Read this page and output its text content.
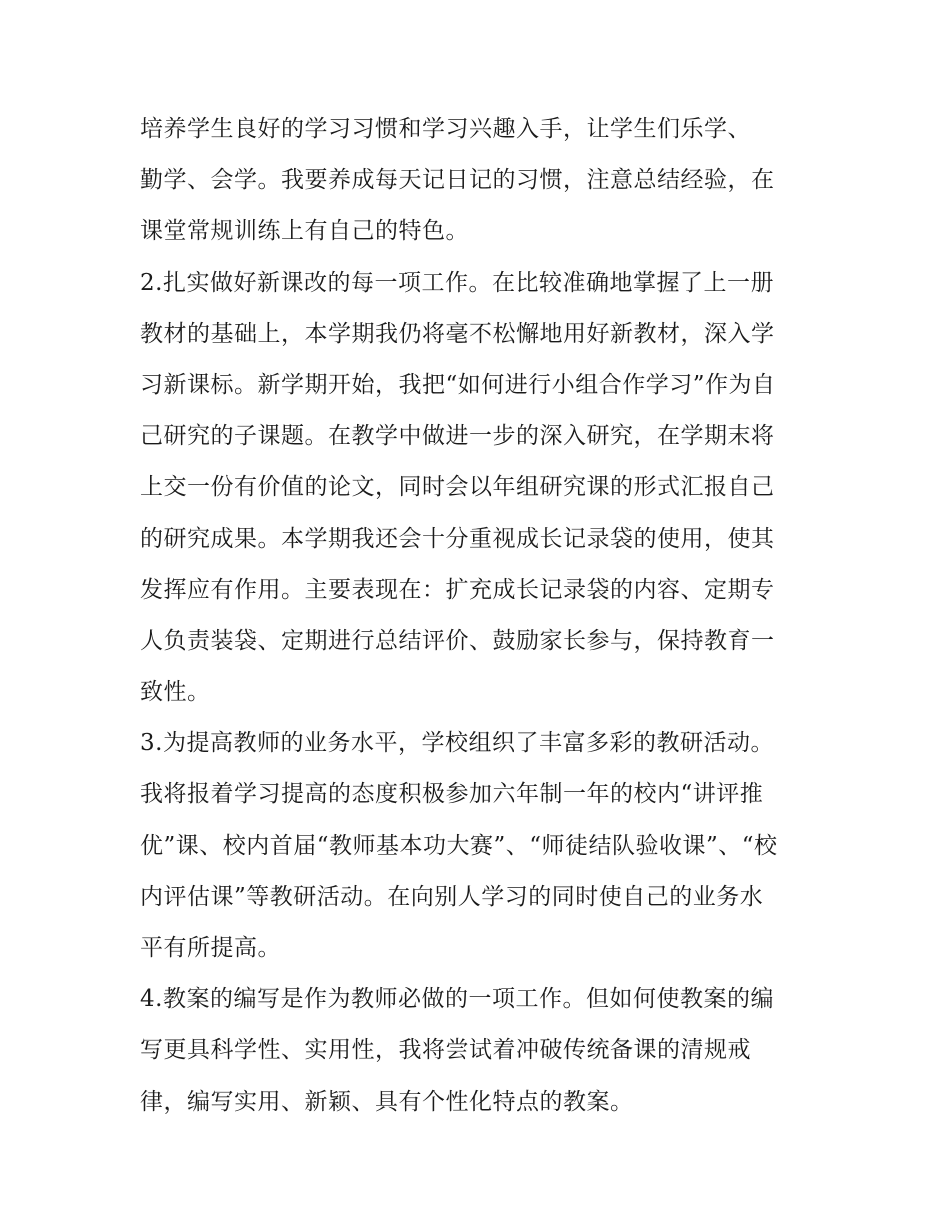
培养学生良好的学习习惯和学习兴趣入手，让学生们乐学、
勤学、会学。我要养成每天记日记的习惯，注意总结经验，在
课堂常规训练上有自己的特色。
2.扎实做好新课改的每一项工作。在比较准确地掌握了上一册
教材的基础上，本学期我仍将毫不松懈地用好新教材，深入学
习新课标。新学期开始，我把“如何进行小组合作学习”作为自
己研究的子课题。在教学中做进一步的深入研究，在学期末将
上交一份有价值的论文，同时会以年组研究课的形式汇报自己
的研究成果。本学期我还会十分重视成长记录袋的使用，使其
发挥应有作用。主要表现在：扩充成长记录袋的内容、定期专
人负责装袋、定期进行总结评价、鼓励家长参与，保持教育一
致性。
3.为提高教师的业务水平，学校组织了丰富多彩的教研活动。
我将报着学习提高的态度积极参加六年制一年的校内“讲评推
优”课、校内首届“教师基本功大赛”、“师徒结队验收课”、“校
内评估课”等教研活动。在向别人学习的同时使自己的业务水
平有所提高。
4.教案的编写是作为教师必做的一项工作。但如何使教案的编
写更具科学性、实用性，我将尝试着冲破传统备课的清规戒
律，编写实用、新颖、具有个性化特点的教案。
